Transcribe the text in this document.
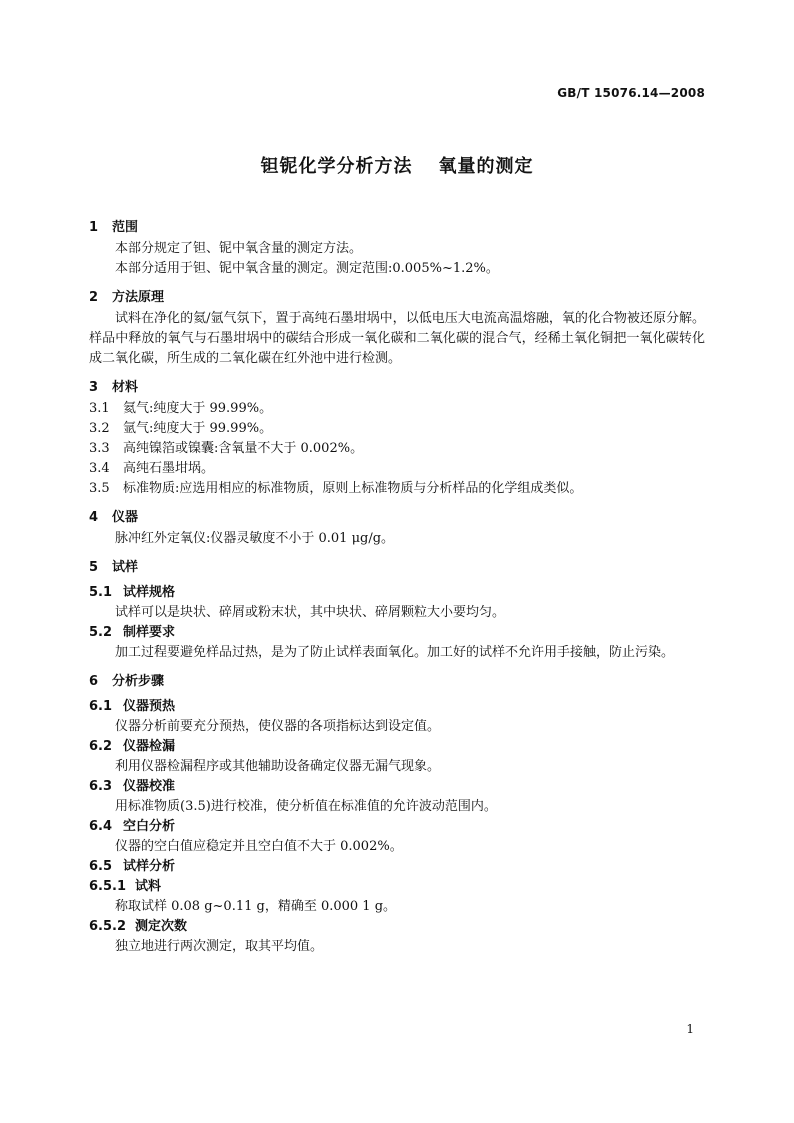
GB/T 15076.14—2008
钽铌化学分析方法 氧量的测定
1 范围
本部分规定了钽、铌中氧含量的测定方法。
本部分适用于钽、铌中氧含量的测定。测定范围:0.005%~1.2%。
2 方法原理
试料在净化的氦/氩气氛下，置于高纯石墨坩埚中，以低电压大电流高温熔融，氧的化合物被还原分解。样品中释放的氧气与石墨坩埚中的碳结合形成一氧化碳和二氧化碳的混合气，经稀土氧化铜把一氧化碳转化成二氧化碳，所生成的二氧化碳在红外池中进行检测。
3 材料
3.1 氦气:纯度大于 99.99%。
3.2 氩气:纯度大于 99.99%。
3.3 高纯镍箔或镍囊:含氧量不大于 0.002%。
3.4 高纯石墨坩埚。
3.5 标准物质:应选用相应的标准物质，原则上标准物质与分析样品的化学组成类似。
4 仪器
脉冲红外定氧仪:仪器灵敏度不小于 0.01 μg/g。
5 试样
5.1 试样规格
试样可以是块状、碎屑或粉末状，其中块状、碎屑颗粒大小要均匀。
5.2 制样要求
加工过程要避免样品过热，是为了防止试样表面氧化。加工好的试样不允许用手接触，防止污染。
6 分析步骤
6.1 仪器预热
仪器分析前要充分预热，使仪器的各项指标达到设定值。
6.2 仪器检漏
利用仪器检漏程序或其他辅助设备确定仪器无漏气现象。
6.3 仪器校准
用标准物质(3.5)进行校准，使分析值在标准值的允许波动范围内。
6.4 空白分析
仪器的空白值应稳定并且空白值不大于 0.002%。
6.5 试样分析
6.5.1 试料
称取试样 0.08 g~0.11 g，精确至 0.000 1 g。
6.5.2 测定次数
独立地进行两次测定，取其平均值。
1
